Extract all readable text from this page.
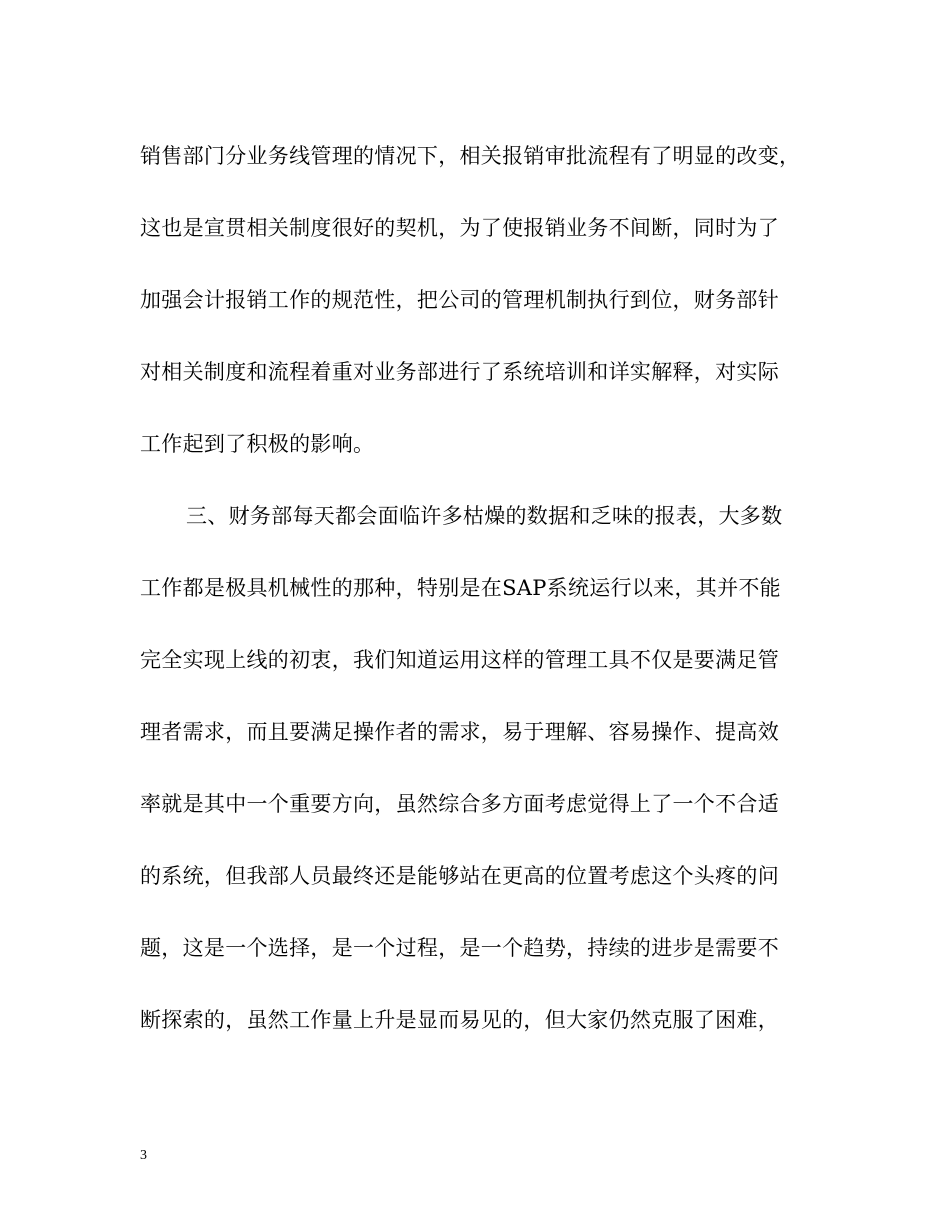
销售部门分业务线管理的情况下，相关报销审批流程有了明显的改变，
这也是宣贯相关制度很好的契机，为了使报销业务不间断，同时为了
加强会计报销工作的规范性，把公司的管理机制执行到位，财务部针
对相关制度和流程着重对业务部进行了系统培训和详实解释，对实际
工作起到了积极的影响。
三、财务部每天都会面临许多枯燥的数据和乏味的报表，大多数
工作都是极具机械性的那种，特别是在SAP系统运行以来，其并不能
完全实现上线的初衷，我们知道运用这样的管理工具不仅是要满足管
理者需求，而且要满足操作者的需求，易于理解、容易操作、提高效
率就是其中一个重要方向，虽然综合多方面考虑觉得上了一个不合适
的系统，但我部人员最终还是能够站在更高的位置考虑这个头疼的问
题，这是一个选择，是一个过程，是一个趋势，持续的进步是需要不
断探索的，虽然工作量上升是显而易见的，但大家仍然克服了困难，
3
